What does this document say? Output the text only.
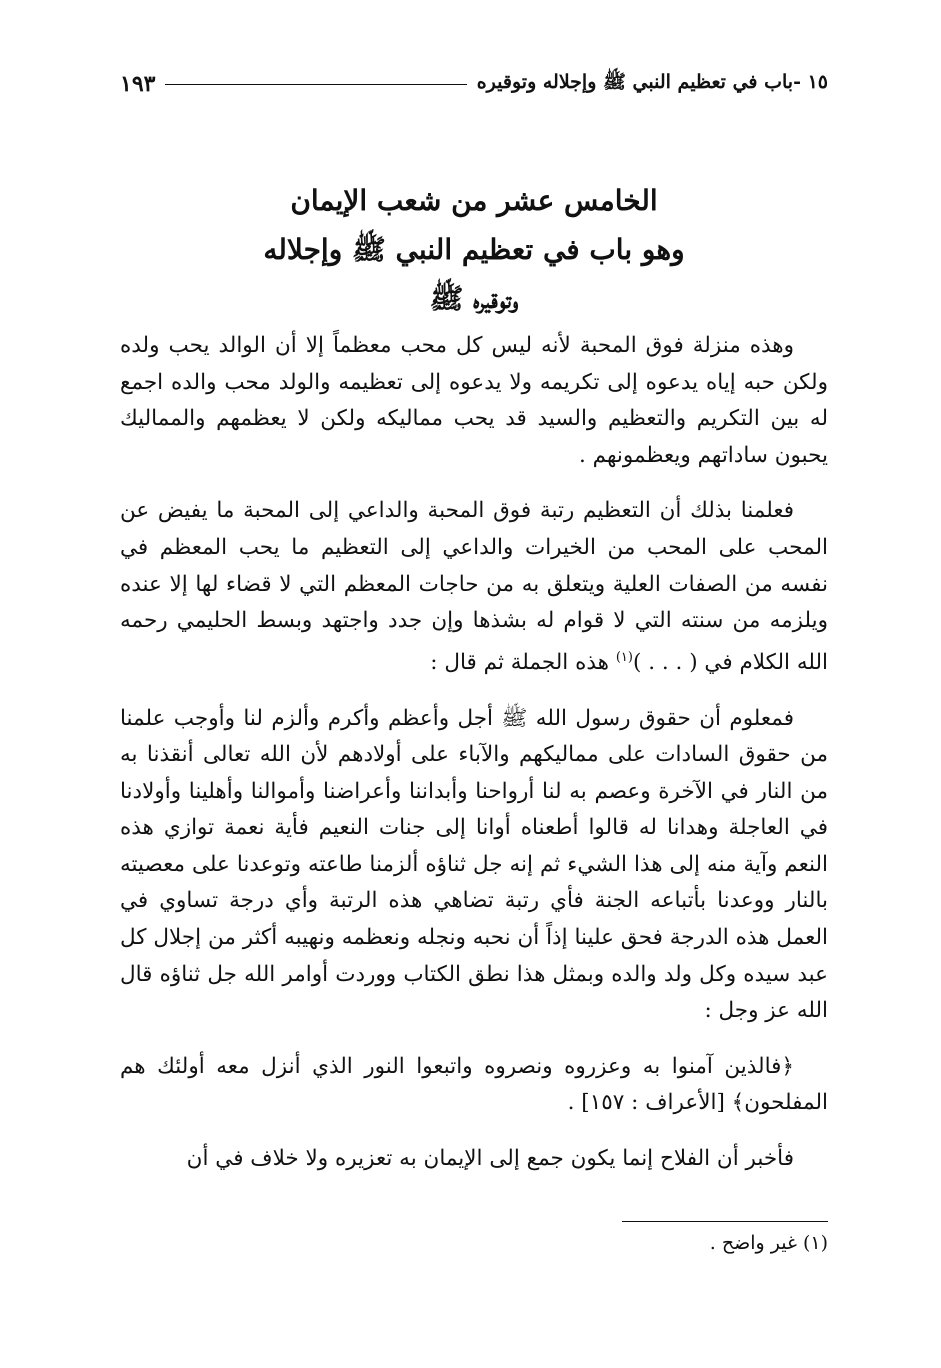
١٥ -باب في تعظيم النبي ﷺ وإجلاله وتوقيره
١٩٣
الخامس عشر من شعب الإيمان
وهو باب في تعظيم النبي ﷺ وإجلاله
وتوقيره ﷺ

وهذه منزلة فوق المحبة لأنه ليس كل محب معظماً إلا أن الوالد يحب ولده ولكن حبه إياه يدعوه إلى تكريمه ولا يدعوه إلى تعظيمه والولد محب والده اجمع له بين التكريم والتعظيم والسيد قد يحب مماليكه ولكن لا يعظمهم والمماليك يحبون ساداتهم ويعظمونهم .

فعلمنا بذلك أن التعظيم رتبة فوق المحبة والداعي إلى المحبة ما يفيض عن المحب على المحب من الخيرات والداعي إلى التعظيم ما يحب المعظم في نفسه من الصفات العلية ويتعلق به من حاجات المعظم التي لا قضاء لها إلا عنده ويلزمه من سنته التي لا قوام له بشذها وإن جدد واجتهد وبسط الحليمي رحمه الله الكلام في ( . . . )$^{(١)}$ هذه الجملة ثم قال :

فمعلوم أن حقوق رسول الله ﷺ أجل وأعظم وأكرم وألزم لنا وأوجب علمنا من حقوق السادات على مماليكهم والآباء على أولادهم لأن الله تعالى أنقذنا به من النار في الآخرة وعصم به لنا أرواحنا وأبداننا وأعراضنا وأموالنا وأهلينا وأولادنا في العاجلة وهدانا له قالوا أطعناه أوانا إلى جنات النعيم فأية نعمة توازي هذه النعم وآية منه إلى هذا الشيء ثم إنه جل ثناؤه ألزمنا طاعته وتوعدنا على معصيته بالنار ووعدنا بأتباعه الجنة فأي رتبة تضاهي هذه الرتبة وأي درجة تساوي في العمل هذه الدرجة فحق علينا إذاً أن نحبه ونجله ونعظمه ونهيبه أكثر من إجلال كل عبد سيده وكل ولد والده وبمثل هذا نطق الكتاب ووردت أوامر الله جل ثناؤه قال الله عز وجل :

﴿فالذين آمنوا به وعزروه ونصروه واتبعوا النور الذي أنزل معه أولئك هم المفلحون﴾ [الأعراف : ١٥٧] .

فأخبر أن الفلاح إنما يكون جمع إلى الإيمان به تعزيره ولا خلاف في أن

(١) غير واضح .
